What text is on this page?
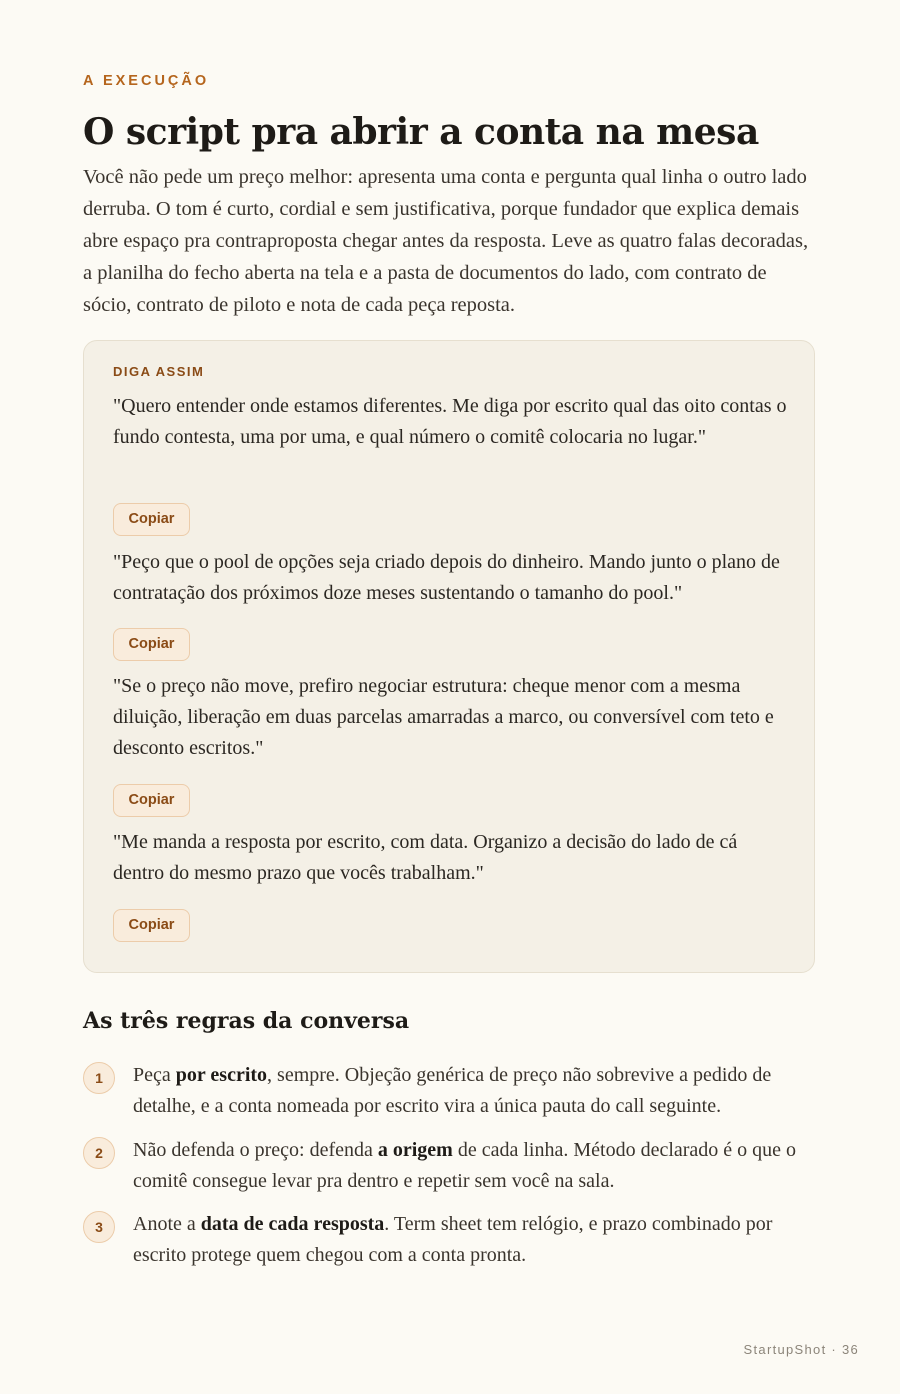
A EXECUÇÃO
O script pra abrir a conta na mesa

Você não pede um preço melhor: apresenta uma conta e pergunta qual linha o outro lado derruba. O tom é curto, cordial e sem justificativa, porque fundador que explica demais abre espaço pra contraproposta chegar antes da resposta. Leve as quatro falas decoradas, a planilha do fecho aberta na tela e a pasta de documentos do lado, com contrato de sócio, contrato de piloto e nota de cada peça reposta.

DIGA ASSIM

"Quero entender onde estamos diferentes. Me diga por escrito qual das oito contas o fundo contesta, uma por uma, e qual número o comitê colocaria no lugar."

Copiar

"Peço que o pool de opções seja criado depois do dinheiro. Mando junto o plano de contratação dos próximos doze meses sustentando o tamanho do pool."

Copiar

"Se o preço não move, prefiro negociar estrutura: cheque menor com a mesma diluição, liberação em duas parcelas amarradas a marco, ou conversível com teto e desconto escritos."

Copiar

"Me manda a resposta por escrito, com data. Organizo a decisão do lado de cá dentro do mesmo prazo que vocês trabalham."

Copiar
As três regras da conversa
1	Peça por escrito, sempre. Objeção genérica de preço não sobrevive a pedido de detalhe, e a conta nomeada por escrito vira a única pauta do call seguinte.

2	Não defenda o preço: defenda a origem de cada linha. Método declarado é o que o comitê consegue levar pra dentro e repetir sem você na sala.

3	Anote a data de cada resposta. Term sheet tem relógio, e prazo combinado por escrito protege quem chegou com a conta pronta.

StartupShot · 36
